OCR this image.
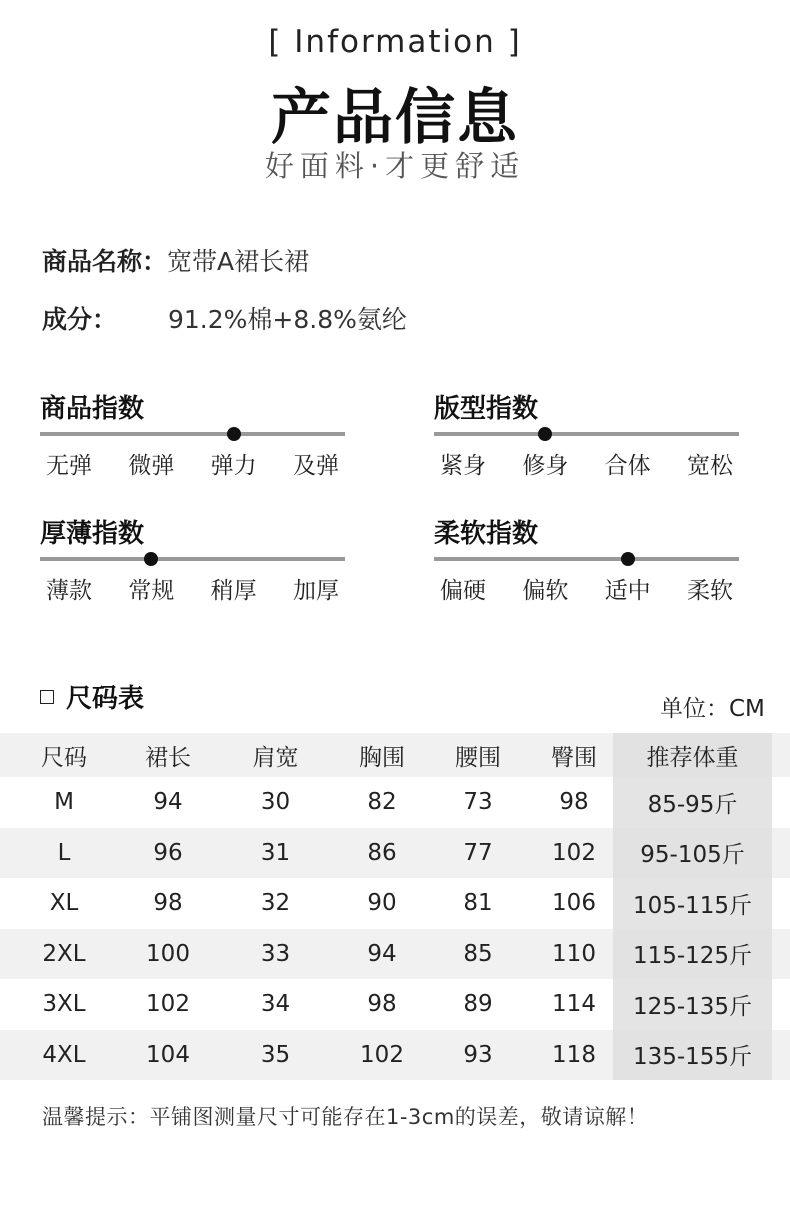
[ Information ]
产品信息
好面料·才更舒适
商品名称：宽带A裙长裙
成分： 91.2%棉+8.8%氨纶
商品指数
无弹 微弹 弹力 及弹
版型指数
紧身 修身 合体 宽松
厚薄指数
薄款 常规 稍厚 加厚
柔软指数
偏硬 偏软 适中 柔软
尺码表	单位：CM
尺码	裙长	肩宽	胸围	腰围	臀围	推荐体重	
M	94	30	82	73	98	85-95斤	
L	96	31	86	77	102	95-105斤	
XL	98	32	90	81	106	105-115斤	
2XL	100	33	94	85	110	115-125斤	
3XL	102	34	98	89	114	125-135斤	
4XL	104	35	102	93	118	135-155斤	
温馨提示：平铺图测量尺寸可能存在1-3cm的误差，敬请谅解！
